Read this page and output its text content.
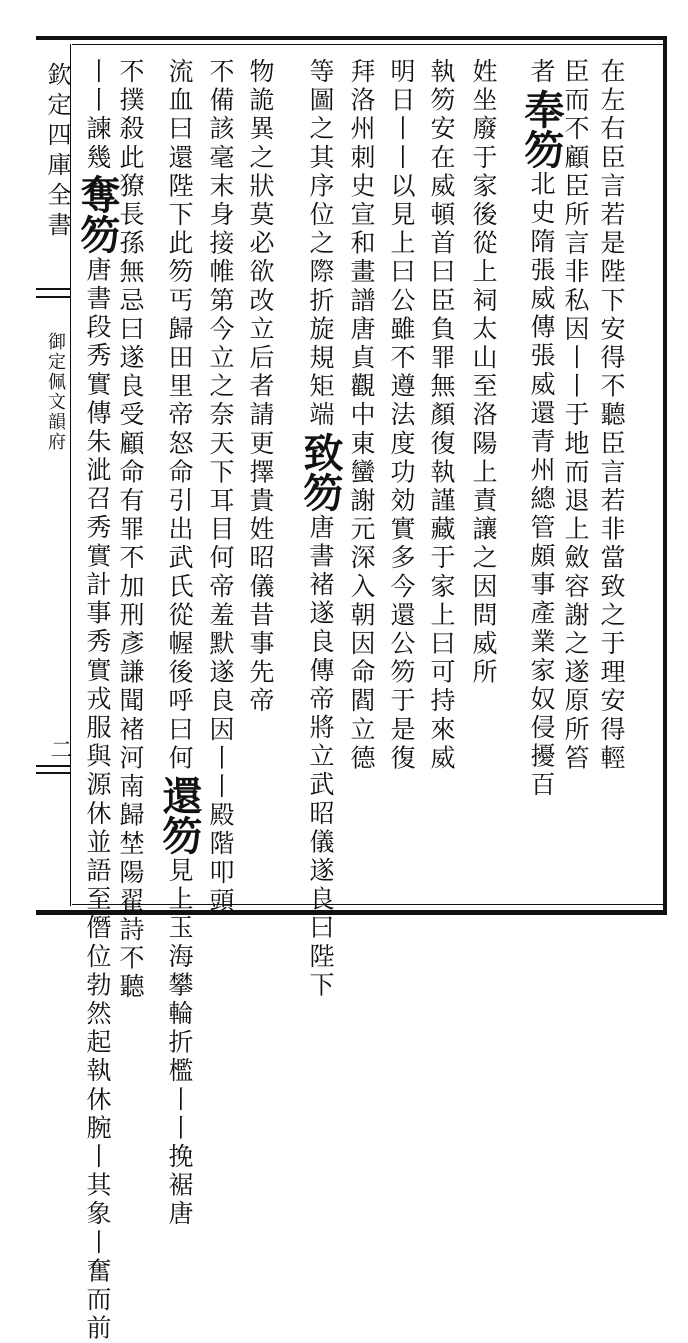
欽定四庫全書
御定佩文韻府
二	在左右臣言若是陛下安得不聽臣言若非當致之于理安得輕
臣而不顧臣所言非私因丨丨于地而退上斂容謝之遂原所笞
者奉笏北史隋張威傳張威還青州總管頗事產業家奴侵擾百
姓坐廢于家後從上祠太山至洛陽上責讓之因問威所
執笏安在威頓首曰臣負罪無顏復執謹藏于家上曰可持來威
明日丨丨以見上曰公雖不遵法度功効實多今還公笏于是復
拜洛州刺史宣和畫譜唐貞觀中東蠻謝元深入朝因命閻立德
等圖之其序位之際折旋規矩端致笏唐書褚遂良傳帝將立武昭儀遂良曰陛下
物詭異之狀莫必欲改立后者請更擇貴姓昭儀昔事先帝
不備該毫末身接帷第今立之奈天下耳目何帝羞默遂良因丨丨殿階叩頭
流血曰還陛下此笏丐歸田里帝怒命引出武氏從幄後呼曰何還笏見上玉海攀輪折檻丨丨挽裾唐
不撲殺此獠長孫無忌曰遂良受顧命有罪不加刑彥謙聞褚河南歸埜陽翟詩不聽
丨丨諫幾奪笏唐書段秀實傳朱泚召秀實計事秀實戎服與源休並語至僭位勃然起執休腕丨其象丨奮而前
